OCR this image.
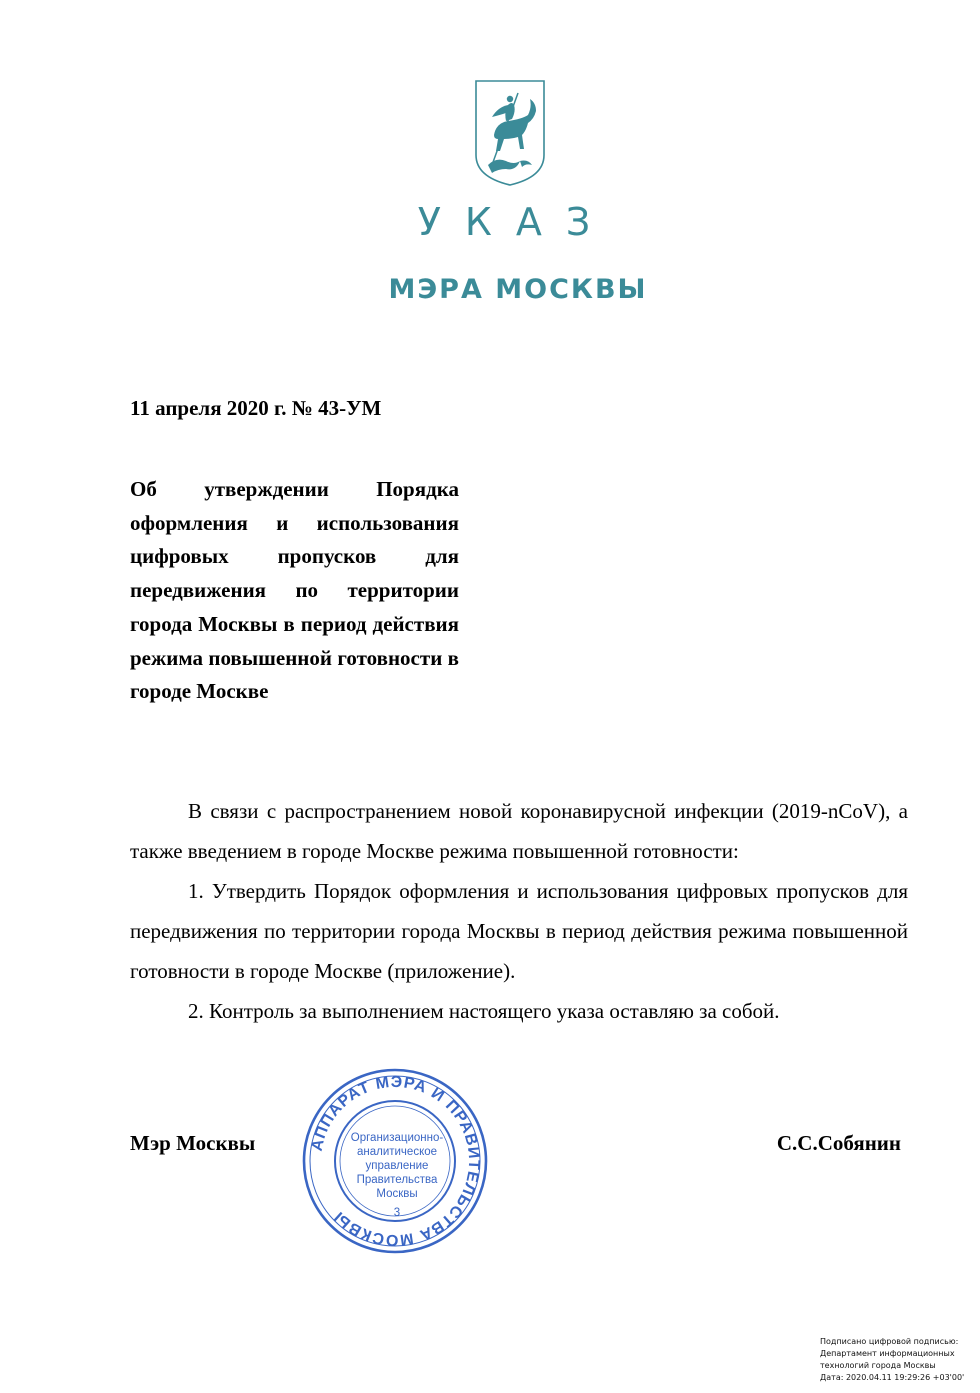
УКАЗ
МЭРА МОСКВЫ
11 апреля 2020 г. № 43-УМ

Об утверждении Порядка оформления и использования цифровых пропусков для передвижения по территории города Москвы в период действия режима повышенной готовности в городе Москве

В связи с распространением новой коронавирусной инфекции (2019-nCoV), а также введением в городе Москве режима повышенной готовности:

1. Утвердить Порядок оформления и использования цифровых пропусков для передвижения по территории города Москвы в период действия режима повышенной готовности в городе Москве (приложение).

2. Контроль за выполнением настоящего указа оставляю за собой.

Мэр Москвы	С.С.Собянин
АППАРАТ МЭРА И ПРАВИТЕЛЬСТВА МОСКВЫ
Организационно-
аналитическое
управление
Правительства
Москвы
3
Подписано цифровой подписью:
Департамент информационных
технологий города Москвы
Дата: 2020.04.11 19:29:26 +03'00'
